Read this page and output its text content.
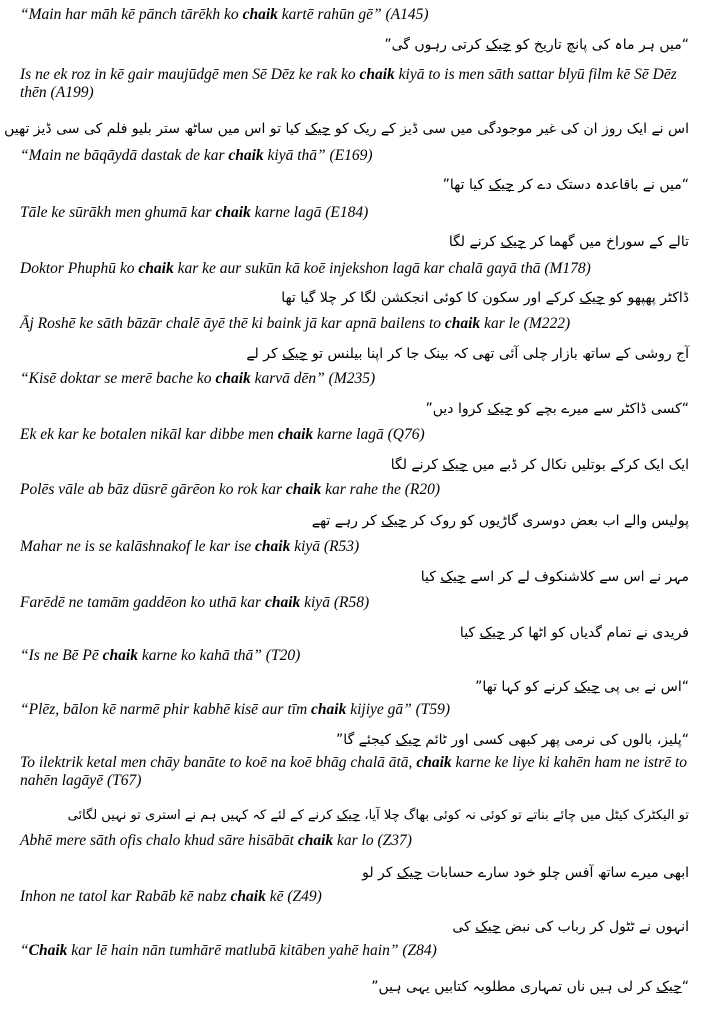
“Main har māh kē pānch tārēkh ko chaik kartē rahūn gē” (A145)
“میں ہر ماہ کی پانچ تاریخ کو چیک کرتی رہوں گی”
Is ne ek roz in kē gair maujūdgē men Sē Dēz ke rak ko chaik kiyā to is men sāth sattar blyū film kē Sē Dēz thēn (A199)
اس نے ایک روز ان کی غیر موجودگی میں سی ڈیز کے ریک کو چیک کیا تو اس میں ساٹھ ستر بلیو فلم کی سی ڈیز تھیں
“Main ne bāqāydā dastak de kar chaik kiyā thā” (E169)
“میں نے باقاعدہ دستک دے کر چیک کیا تھا”
Tāle ke sūrākh men ghumā kar chaik karne lagā (E184)
تالے کے سوراخ میں گھما کر چیک کرنے لگا
Doktor Phuphū ko chaik kar ke aur sukūn kā koē injekshon lagā kar chalā gayā thā (M178)
ڈاکٹر پھپھو کو چیک کرکے اور سکون کا کوئی انجکشن لگا کر چلا گیا تھا
Āj Roshē ke sāth bāzār chalē āyē thē ki baink jā kar apnā bailens to chaik kar le (M222)
آج روشی کے ساتھ بازار چلی آئی تھی کہ بینک جا کر اپنا بیلنس تو چیک کر لے
“Kisē doktar se merē bache ko chaik karvā dēn” (M235)
“کسی ڈاکٹر سے میرے بچے کو چیک کروا دیں”
Ek ek kar ke botalen nikāl kar dibbe men chaik karne lagā (Q76)
ایک ایک کرکے بوتلیں نکال کر ڈبے میں چیک کرنے لگا
Polēs vāle ab bāz dūsrē gārēon ko rok kar chaik kar rahe the (R20)
پولیس والے اب بعض دوسری گاڑیوں کو روک کر چیک کر رہے تھے
Mahar ne is se kalāshnakof le kar ise chaik kiyā (R53)
مہر نے اس سے کلاشنکوف لے کر اسے چیک کیا
Farēdē ne tamām gaddēon ko uthā kar chaik kiyā (R58)
فریدی نے تمام گدیاں کو اٹھا کر چیک کیا
“Is ne Bē Pē chaik karne ko kahā thā” (T20)
“اس نے بی پی چیک کرنے کو کہا تھا”
“Plēz, bālon kē narmē phir kabhē kisē aur tīm chaik kijiye gā” (T59)
“پلیز، بالوں کی نرمی پھر کبھی کسی اور ٹائم چیک کیجئے گا”
To ilektrik ketal men chāy banāte to koē na koē bhāg chalā ātā, chaik karne ke liye ki kahēn ham ne istrē to nahēn lagāyē (T67)
تو الیکٹرک کیٹل میں چائے بناتے تو کوئی نہ کوئی بھاگ چلا آیا، چیک کرنے کے لئے کہ کہیں ہم نے استری تو نہیں لگائی
Abhē mere sāth ofis chalo khud sāre hisābāt chaik kar lo (Z37)
ابھی میرے ساتھ آفس چلو خود سارے حسابات چیک کر لو
Inhon ne tatol kar Rabāb kē nabz chaik kē (Z49)
انہوں نے ٹٹول کر رباب کی نبض چیک کی
“Chaik kar lē hain nān tumhārē matlubā kitāben yahē hain” (Z84)
“چیک کر لی ہیں ناں تمہاری مطلوبہ کتابیں یہی ہیں”
